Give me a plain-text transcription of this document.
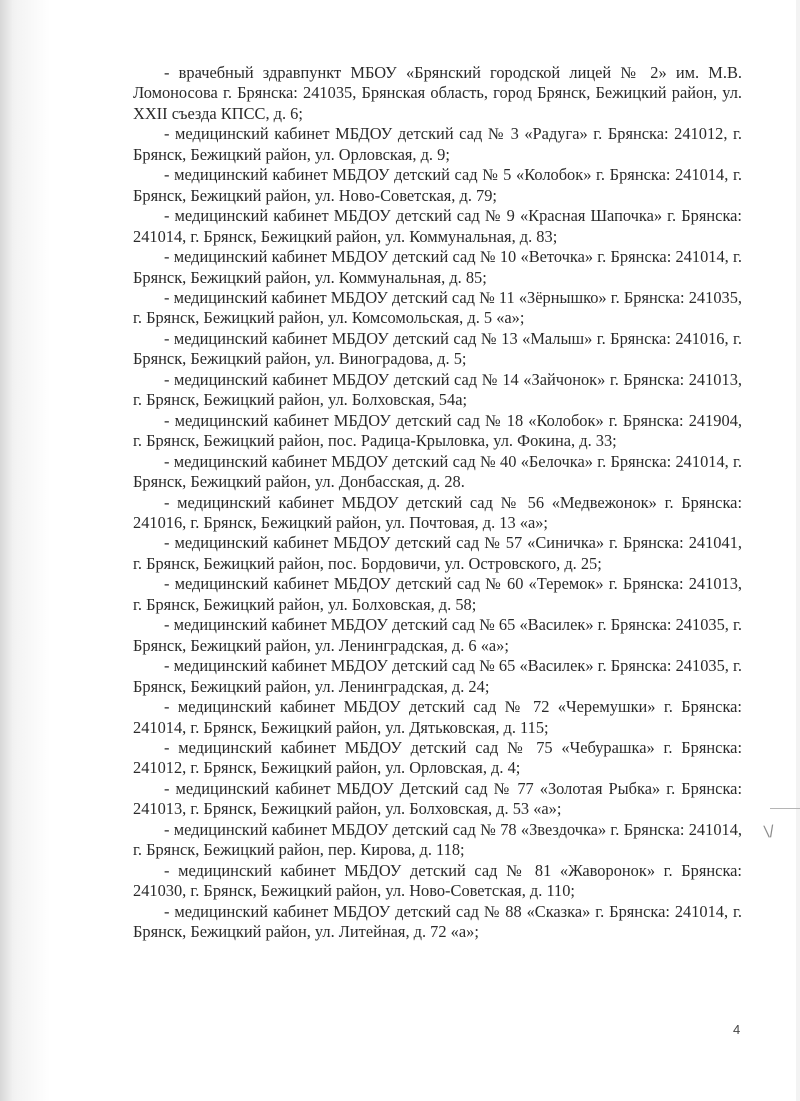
\/

- врачебный здравпункт МБОУ «Брянский городской лицей № 2» им. М.В. Ломоносова г. Брянска: 241035, Брянская область, город Брянск, Бежицкий район, ул. XXII съезда КПСС, д. 6;

- медицинский кабинет МБДОУ детский сад № 3 «Радуга» г. Брянска: 241012, г. Брянск, Бежицкий район, ул. Орловская, д. 9;

- медицинский кабинет МБДОУ детский сад № 5 «Колобок» г. Брянска: 241014, г. Брянск, Бежицкий район, ул. Ново-Советская, д. 79;

- медицинский кабинет МБДОУ детский сад № 9 «Красная Шапочка» г. Брянска: 241014, г. Брянск, Бежицкий район, ул. Коммунальная, д. 83;

- медицинский кабинет МБДОУ детский сад № 10 «Веточка» г. Брянска: 241014, г. Брянск, Бежицкий район, ул. Коммунальная, д. 85;

- медицинский кабинет МБДОУ детский сад № 11 «Зёрнышко» г. Брянска: 241035, г. Брянск, Бежицкий район, ул. Комсомольская, д. 5 «а»;

- медицинский кабинет МБДОУ детский сад № 13 «Малыш» г. Брянска: 241016, г. Брянск, Бежицкий район, ул. Виноградова, д. 5;

- медицинский кабинет МБДОУ детский сад № 14 «Зайчонок» г. Брянска: 241013, г. Брянск, Бежицкий район, ул. Болховская, 54а;

- медицинский кабинет МБДОУ детский сад № 18 «Колобок» г. Брянска: 241904, г. Брянск, Бежицкий район, пос. Радица-Крыловка, ул. Фокина, д. 33;

- медицинский кабинет МБДОУ детский сад № 40 «Белочка» г. Брянска: 241014, г. Брянск, Бежицкий район, ул. Донбасская, д. 28.

- медицинский кабинет МБДОУ детский сад № 56 «Медвежонок» г. Брянска: 241016, г. Брянск, Бежицкий район, ул. Почтовая, д. 13 «а»;

- медицинский кабинет МБДОУ детский сад № 57 «Синичка» г. Брянска: 241041, г. Брянск, Бежицкий район, пос. Бордовичи, ул. Островского, д. 25;

- медицинский кабинет МБДОУ детский сад № 60 «Теремок» г. Брянска: 241013, г. Брянск, Бежицкий район, ул. Болховская, д. 58;

- медицинский кабинет МБДОУ детский сад № 65 «Василек» г. Брянска: 241035, г. Брянск, Бежицкий район, ул. Ленинградская, д. 6 «а»;

- медицинский кабинет МБДОУ детский сад № 65 «Василек» г. Брянска: 241035, г. Брянск, Бежицкий район, ул. Ленинградская, д. 24;

- медицинский кабинет МБДОУ детский сад № 72 «Черемушки» г. Брянска: 241014, г. Брянск, Бежицкий район, ул. Дятьковская, д. 115;

- медицинский кабинет МБДОУ детский сад № 75 «Чебурашка» г. Брянска: 241012, г. Брянск, Бежицкий район, ул. Орловская, д. 4;

- медицинский кабинет МБДОУ Детский сад № 77 «Золотая Рыбка» г. Брянска: 241013, г. Брянск, Бежицкий район, ул. Болховская, д. 53 «а»;

- медицинский кабинет МБДОУ детский сад № 78 «Звездочка» г. Брянска: 241014, г. Брянск, Бежицкий район, пер. Кирова, д. 118;

- медицинский кабинет МБДОУ детский сад № 81 «Жаворонок» г. Брянска: 241030, г. Брянск, Бежицкий район, ул. Ново-Советская, д. 110;

- медицинский кабинет МБДОУ детский сад № 88 «Сказка» г. Брянска: 241014, г. Брянск, Бежицкий район, ул. Литейная, д. 72 «а»;

4
